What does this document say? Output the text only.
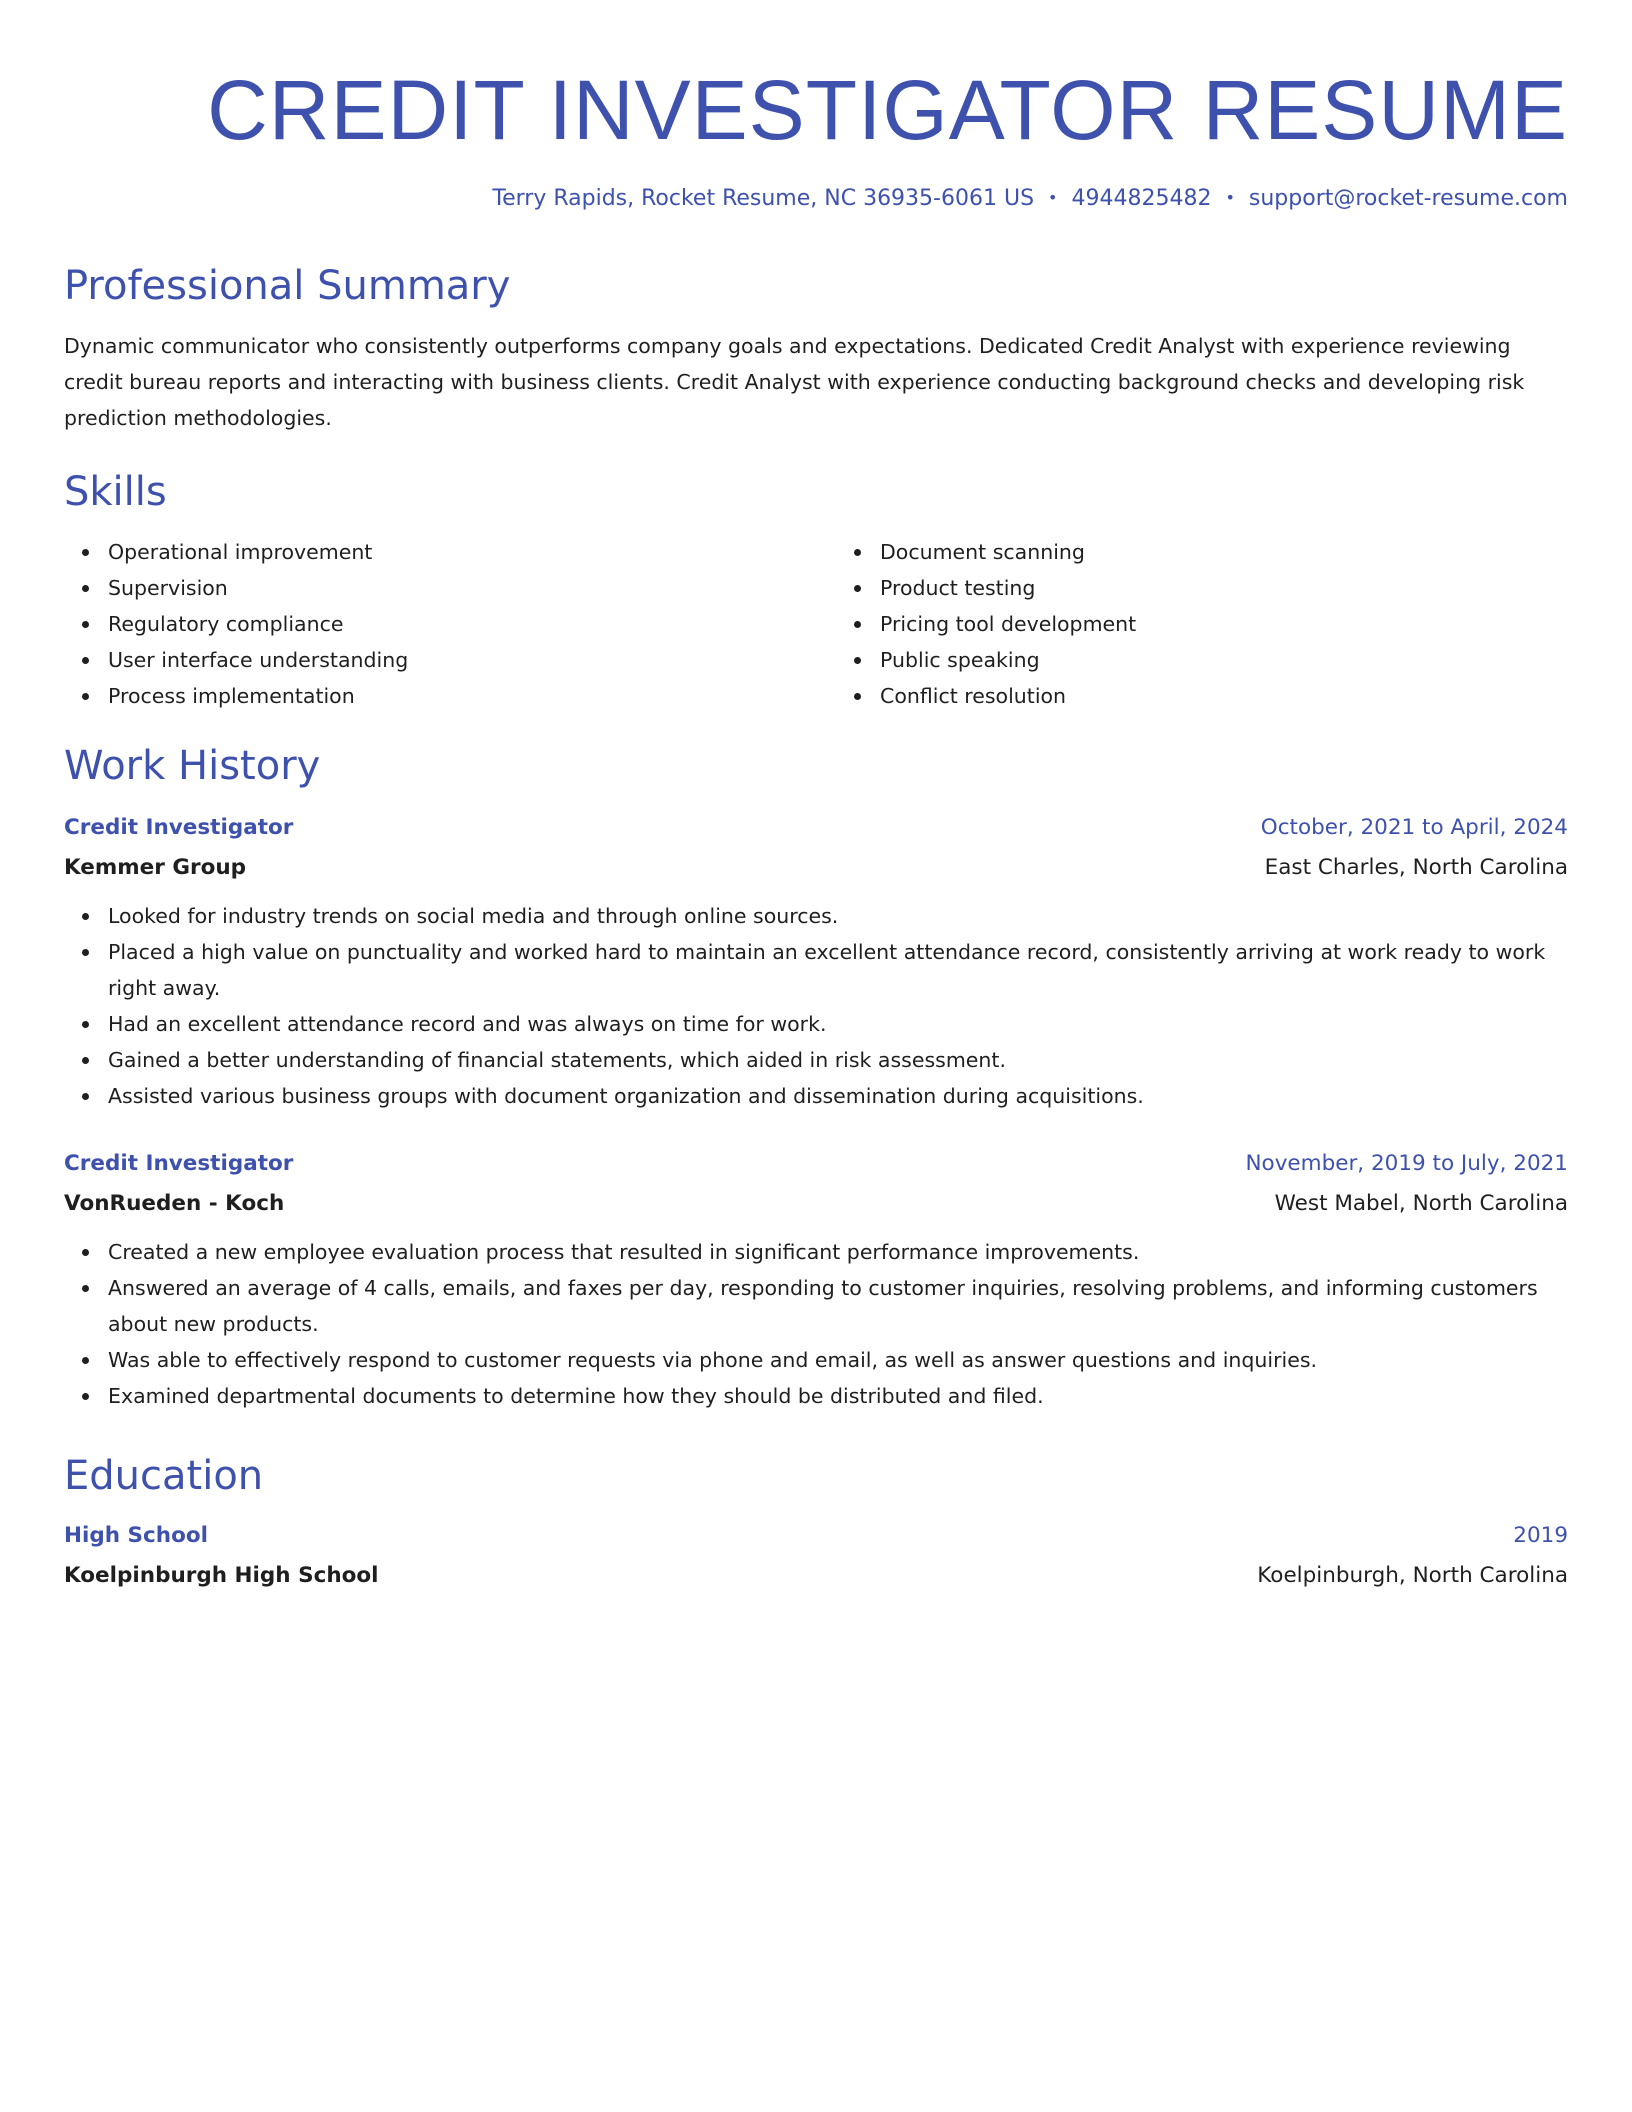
CREDIT INVESTIGATOR RESUME

Terry Rapids, Rocket Resume, NC 36935-6061 US • 4944825482 • support@rocket-resume.com

Professional Summary

Dynamic communicator who consistently outperforms company goals and expectations. Dedicated Credit Analyst with experience reviewing credit bureau reports and interacting with business clients. Credit Analyst with experience conducting background checks and developing risk prediction methodologies.

Skills
Operational improvement
Supervision
Regulatory compliance
User interface understanding
Process implementation
Document scanning
Product testing
Pricing tool development
Public speaking
Conflict resolution
Work History
Credit Investigator	October, 2021 to April, 2024
Kemmer Group	East Charles, North Carolina
Looked for industry trends on social media and through online sources.
Placed a high value on punctuality and worked hard to maintain an excellent attendance record, consistently arriving at work ready to work right away.
Had an excellent attendance record and was always on time for work.
Gained a better understanding of financial statements, which aided in risk assessment.
Assisted various business groups with document organization and dissemination during acquisitions.
Credit Investigator	November, 2019 to July, 2021
VonRueden - Koch	West Mabel, North Carolina
Created a new employee evaluation process that resulted in significant performance improvements.
Answered an average of 4 calls, emails, and faxes per day, responding to customer inquiries, resolving problems, and informing customers about new products.
Was able to effectively respond to customer requests via phone and email, as well as answer questions and inquiries.
Examined departmental documents to determine how they should be distributed and filed.
Education
High School	2019
Koelpinburgh High School	Koelpinburgh, North Carolina
